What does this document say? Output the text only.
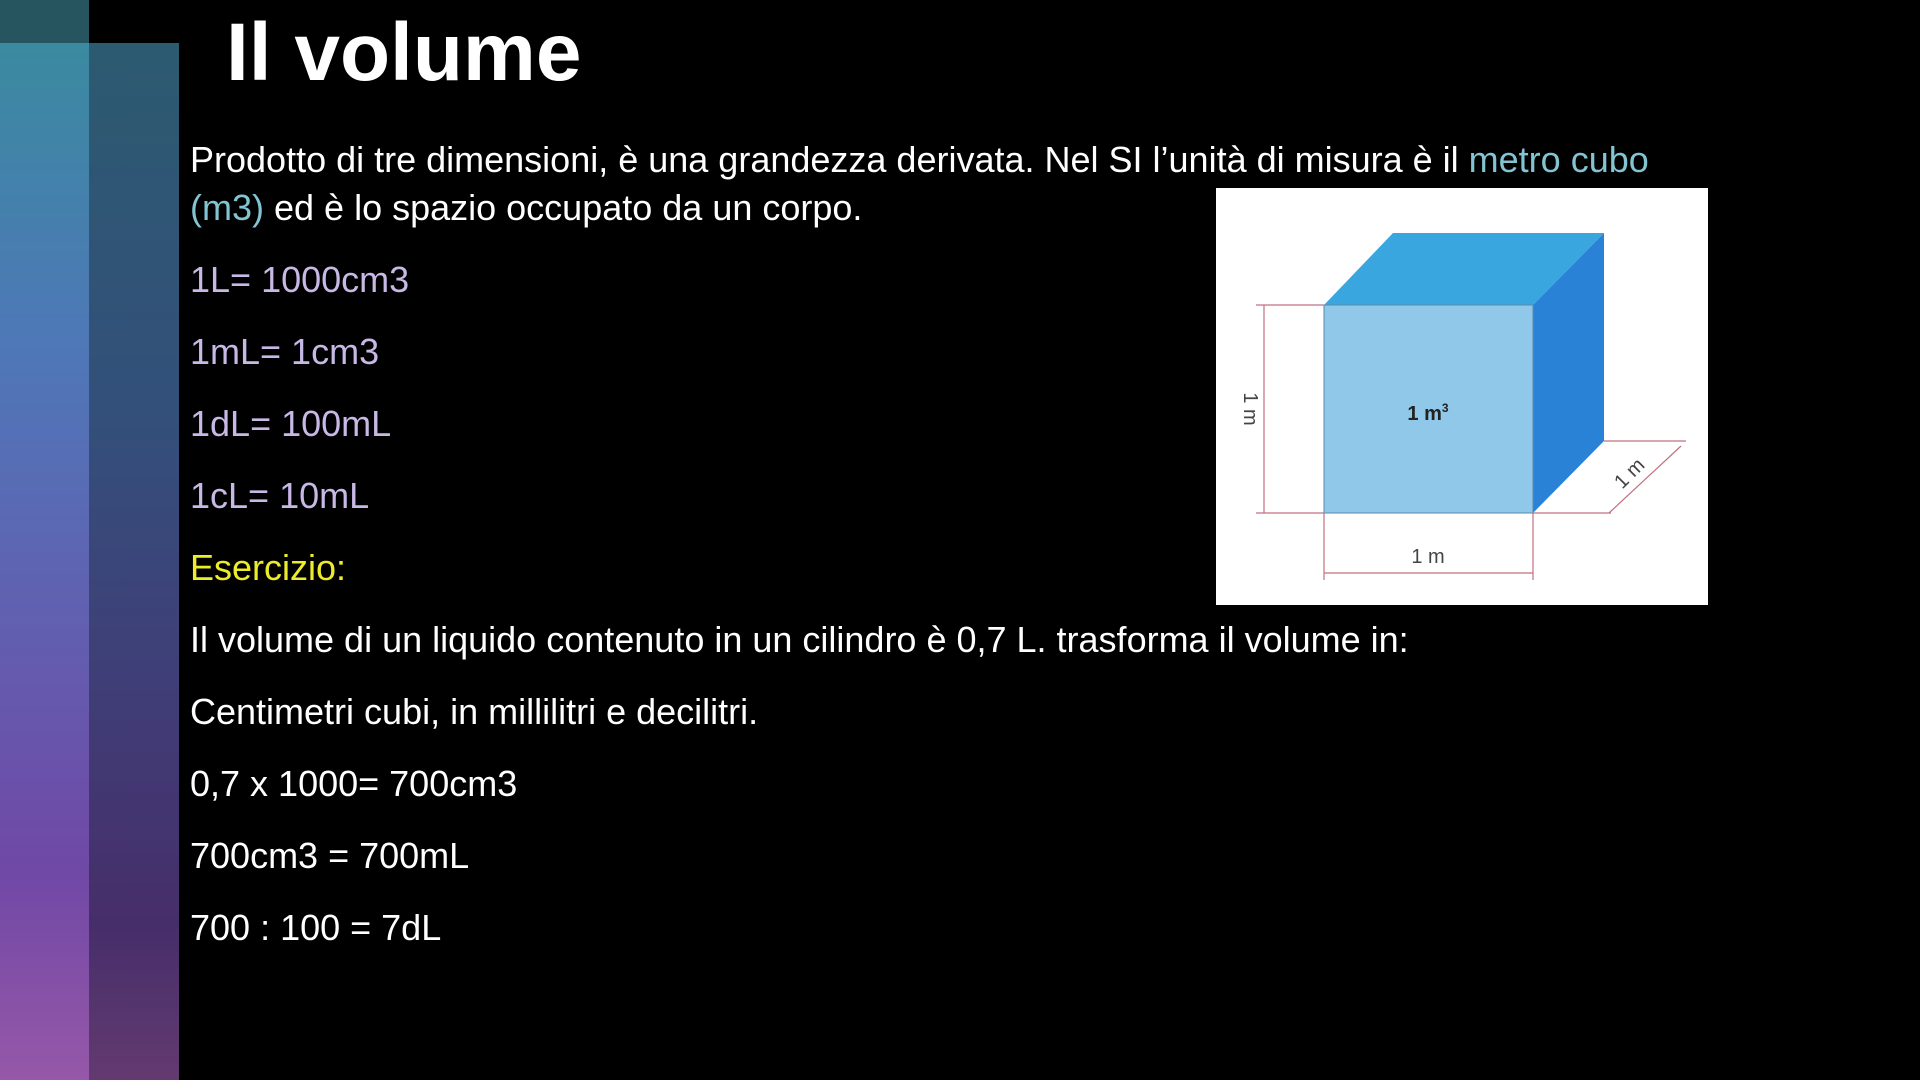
Il volume
Prodotto di tre dimensioni, è una grandezza derivata. Nel SI l’unità di misura è il metro cubo
(m3) ed è lo spazio occupato da un corpo.
1L= 1000cm3
1mL= 1cm3
1dL= 100mL
1cL= 10mL
Esercizio:
Il volume di un liquido contenuto in un cilindro è 0,7 L. trasforma il volume in:
Centimetri cubi, in millilitri e decilitri.
0,7 x 1000= 700cm3
700cm3 = 700mL
700 : 100 = 7dL
1 $m^3$
1 m
1 m
1 m
